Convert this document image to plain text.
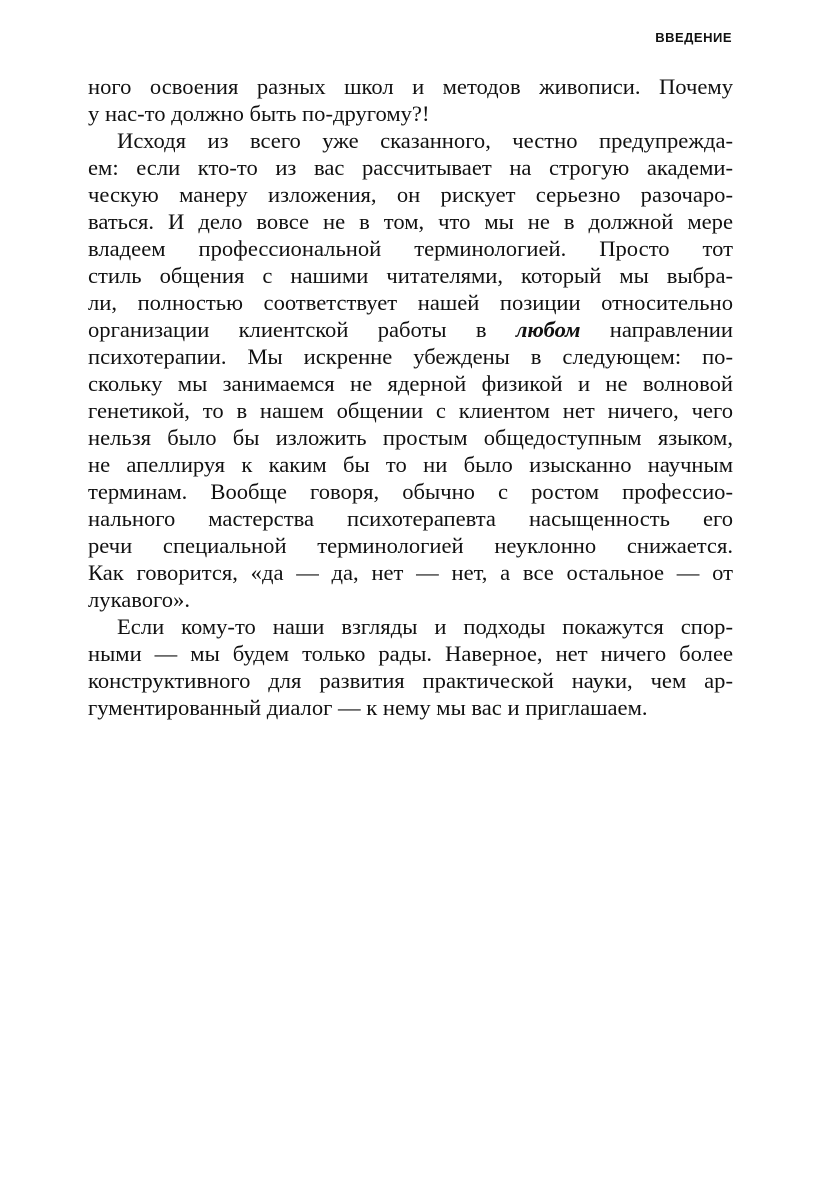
ВВЕДЕНИЕ
ного освоения разных школ и методов живописи. Почему
у нас-то должно быть по-другому?!
Исходя из всего уже сказанного, честно предупрежда-
ем: если кто-то из вас рассчитывает на строгую академи-
ческую манеру изложения, он рискует серьезно разочаро-
ваться. И дело вовсе не в том, что мы не в должной мере
владеем профессиональной терминологией. Просто тот
стиль общения с нашими читателями, который мы выбра-
ли, полностью соответствует нашей позиции относительно
организации клиентской работы в любом направлении
психотерапии. Мы искренне убеждены в следующем: по-
скольку мы занимаемся не ядерной физикой и не волновой
генетикой, то в нашем общении с клиентом нет ничего, чего
нельзя было бы изложить простым общедоступным языком,
не апеллируя к каким бы то ни было изысканно научным
терминам. Вообще говоря, обычно с ростом профессио-
нального мастерства психотерапевта насыщенность его
речи специальной терминологией неуклонно снижается.
Как говорится, «да — да, нет — нет, а все остальное — от
лукавого».
Если кому-то наши взгляды и подходы покажутся спор-
ными — мы будем только рады. Наверное, нет ничего более
конструктивного для развития практической науки, чем ар-
гументированный диалог — к нему мы вас и приглашаем.
